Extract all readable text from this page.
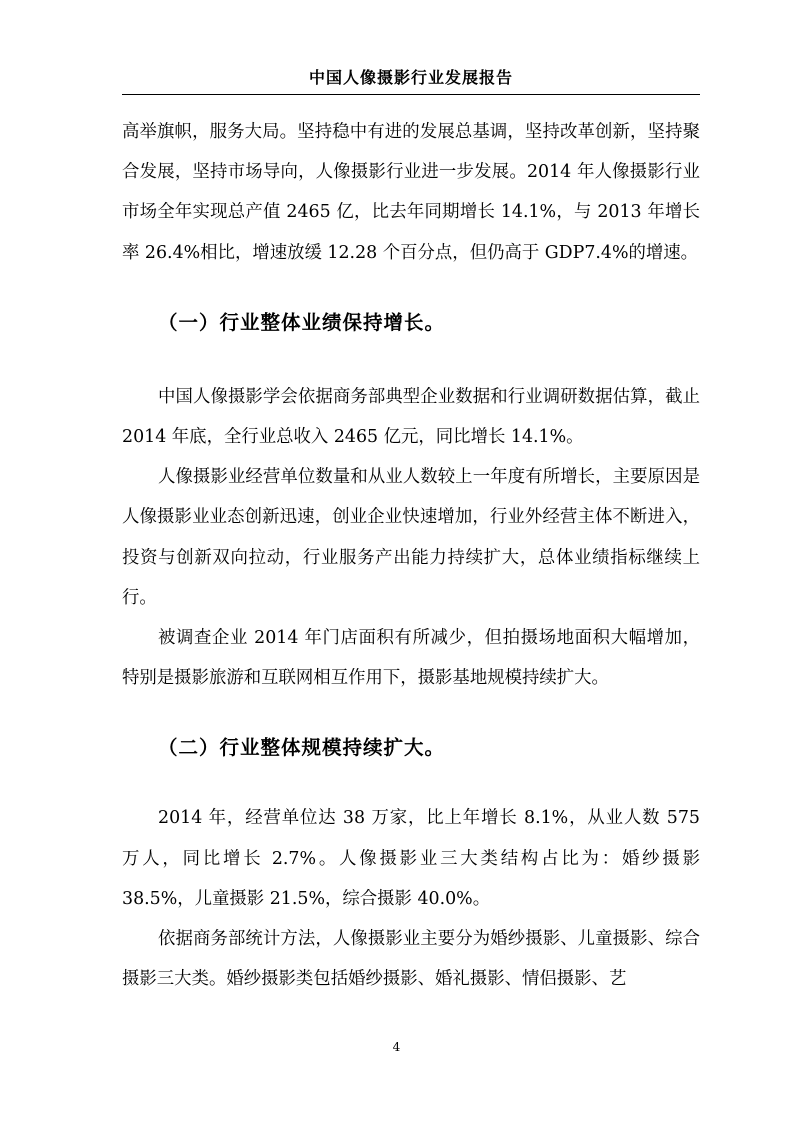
中国人像摄影行业发展报告

高举旗帜，服务大局。坚持稳中有进的发展总基调，坚持改革创新，坚持聚合发展，坚持市场导向，人像摄影行业进一步发展。2014 年人像摄影行业市场全年实现总产值 2465 亿，比去年同期增长 14.1%，与 2013 年增长率 26.4%相比，增速放缓 12.28 个百分点，但仍高于 GDP7.4%的增速。

（一）行业整体业绩保持增长。

中国人像摄影学会依据商务部典型企业数据和行业调研数据估算，截止 2014 年底，全行业总收入 2465 亿元，同比增长 14.1%。

人像摄影业经营单位数量和从业人数较上一年度有所增长，主要原因是人像摄影业业态创新迅速，创业企业快速增加，行业外经营主体不断进入，投资与创新双向拉动，行业服务产出能力持续扩大，总体业绩指标继续上行。

被调查企业 2014 年门店面积有所减少，但拍摄场地面积大幅增加，特别是摄影旅游和互联网相互作用下，摄影基地规模持续扩大。

（二）行业整体规模持续扩大。

2014 年，经营单位达 38 万家，比上年增长 8.1%，从业人数 575 万人，同比增长 2.7%。人像摄影业三大类结构占比为：婚纱摄影 38.5%，儿童摄影 21.5%，综合摄影 40.0%。

依据商务部统计方法，人像摄影业主要分为婚纱摄影、儿童摄影、综合摄影三大类。婚纱摄影类包括婚纱摄影、婚礼摄影、情侣摄影、艺

4
